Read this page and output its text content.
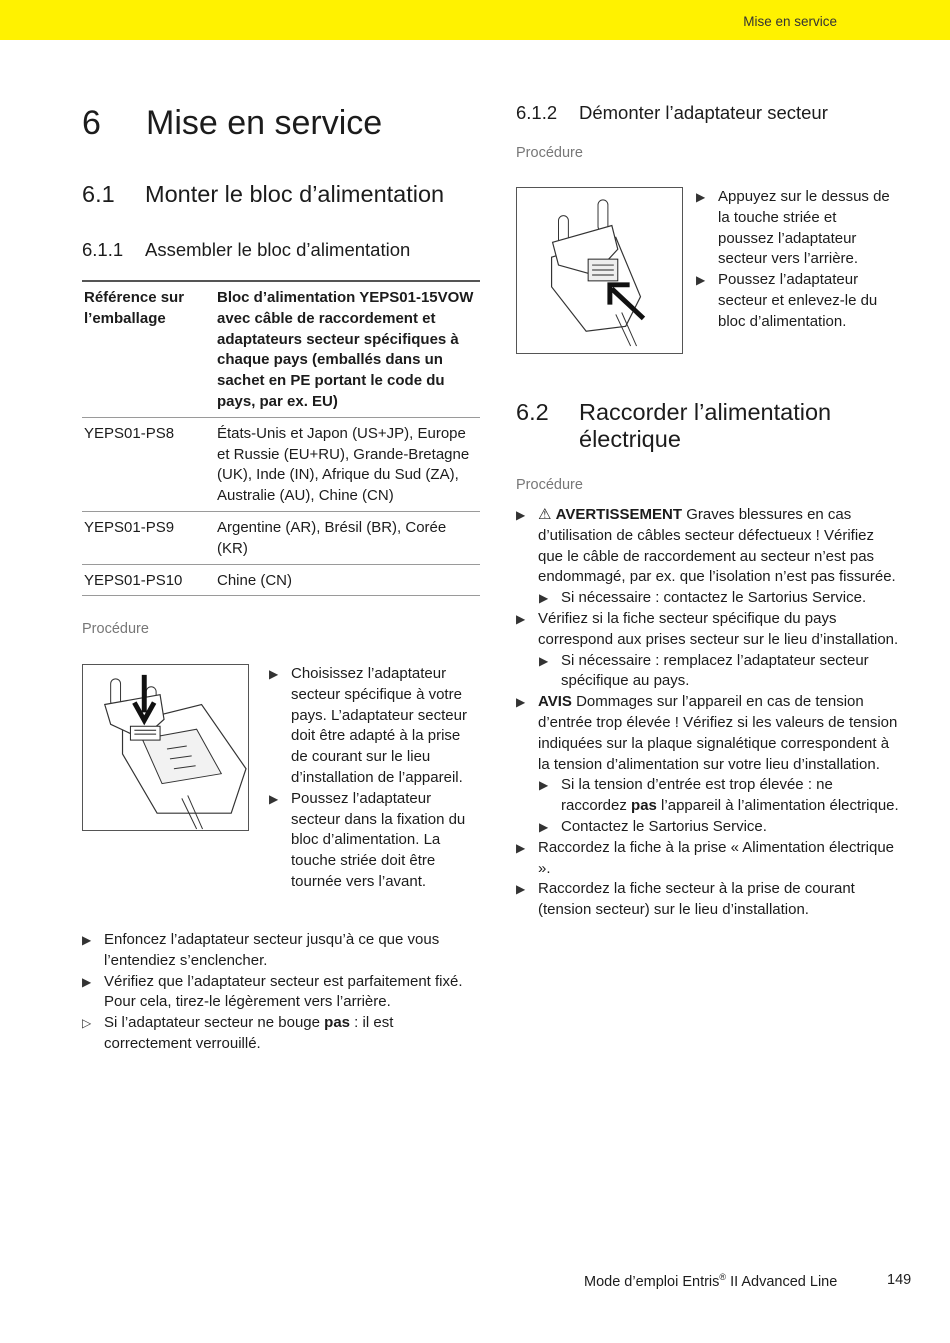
Mise en service
6 Mise en service
6.1 Monter le bloc d’alimentation
6.1.1 Assembler le bloc d’alimentation
Référence sur l’emballage	Bloc d’alimentation YEPS01-15VOW avec câble de raccordement et adaptateurs secteur spécifiques à chaque pays (emballés dans un sachet en PE portant le code du pays, par ex. EU)
YEPS01-PS8	États-Unis et Japon (US+JP), Europe et Russie (EU+RU), Grande-Bretagne (UK), Inde (IN), Afrique du Sud (ZA), Australie (AU), Chine (CN)
YEPS01-PS9	Argentine (AR), Brésil (BR), Corée (KR)
YEPS01-PS10	Chine (CN)
Procédure
▶ Choisissez l’adaptateur secteur spécifique à votre pays. L’adaptateur secteur doit être adapté à la prise de courant sur le lieu d’installation de l’appareil.
▶ Poussez l’adaptateur secteur dans la fixation du bloc d’alimentation. La touche striée doit être tournée vers l’avant.
▶ Enfoncez l’adaptateur secteur jusqu’à ce que vous l’entendiez s’enclencher.
▶ Vérifiez que l’adaptateur secteur est parfaitement fixé. Pour cela, tirez-le légèrement vers l’arrière.
▷ Si l’adaptateur secteur ne bouge pas : il est correctement verrouillé.
6.1.2 Démonter l’adaptateur secteur
Procédure
▶ Appuyez sur le dessus de la touche striée et poussez l’adaptateur secteur vers l’arrière.
▶ Poussez l’adaptateur secteur et enlevez-le du bloc d’alimentation.
6.2 Raccorder l’alimentation électrique
Procédure
▶ ⚠ AVERTISSEMENT Graves blessures en cas d’utilisation de câbles secteur défectueux ! Vérifiez que le câble de raccordement au secteur n’est pas endommagé, par ex. que l’isolation n’est pas fissurée.
▶ Si nécessaire : contactez le Sartorius Service.
▶ Vérifiez si la fiche secteur spécifique du pays correspond aux prises secteur sur le lieu d’installation.
▶ Si nécessaire : remplacez l’adaptateur secteur spécifique au pays.
▶ AVIS Dommages sur l’appareil en cas de tension d’entrée trop élevée ! Vérifiez si les valeurs de tension indiquées sur la plaque signalétique correspondent à la tension d’alimentation sur votre lieu d’installation.
▶ Si la tension d’entrée est trop élevée : ne raccordez pas l’appareil à l’alimentation électrique.
▶ Contactez le Sartorius Service.
▶ Raccordez la fiche à la prise « Alimentation électrique ».
▶ Raccordez la fiche secteur à la prise de courant (tension secteur) sur le lieu d’installation.
Mode d’emploi Entris® II Advanced Line	149
